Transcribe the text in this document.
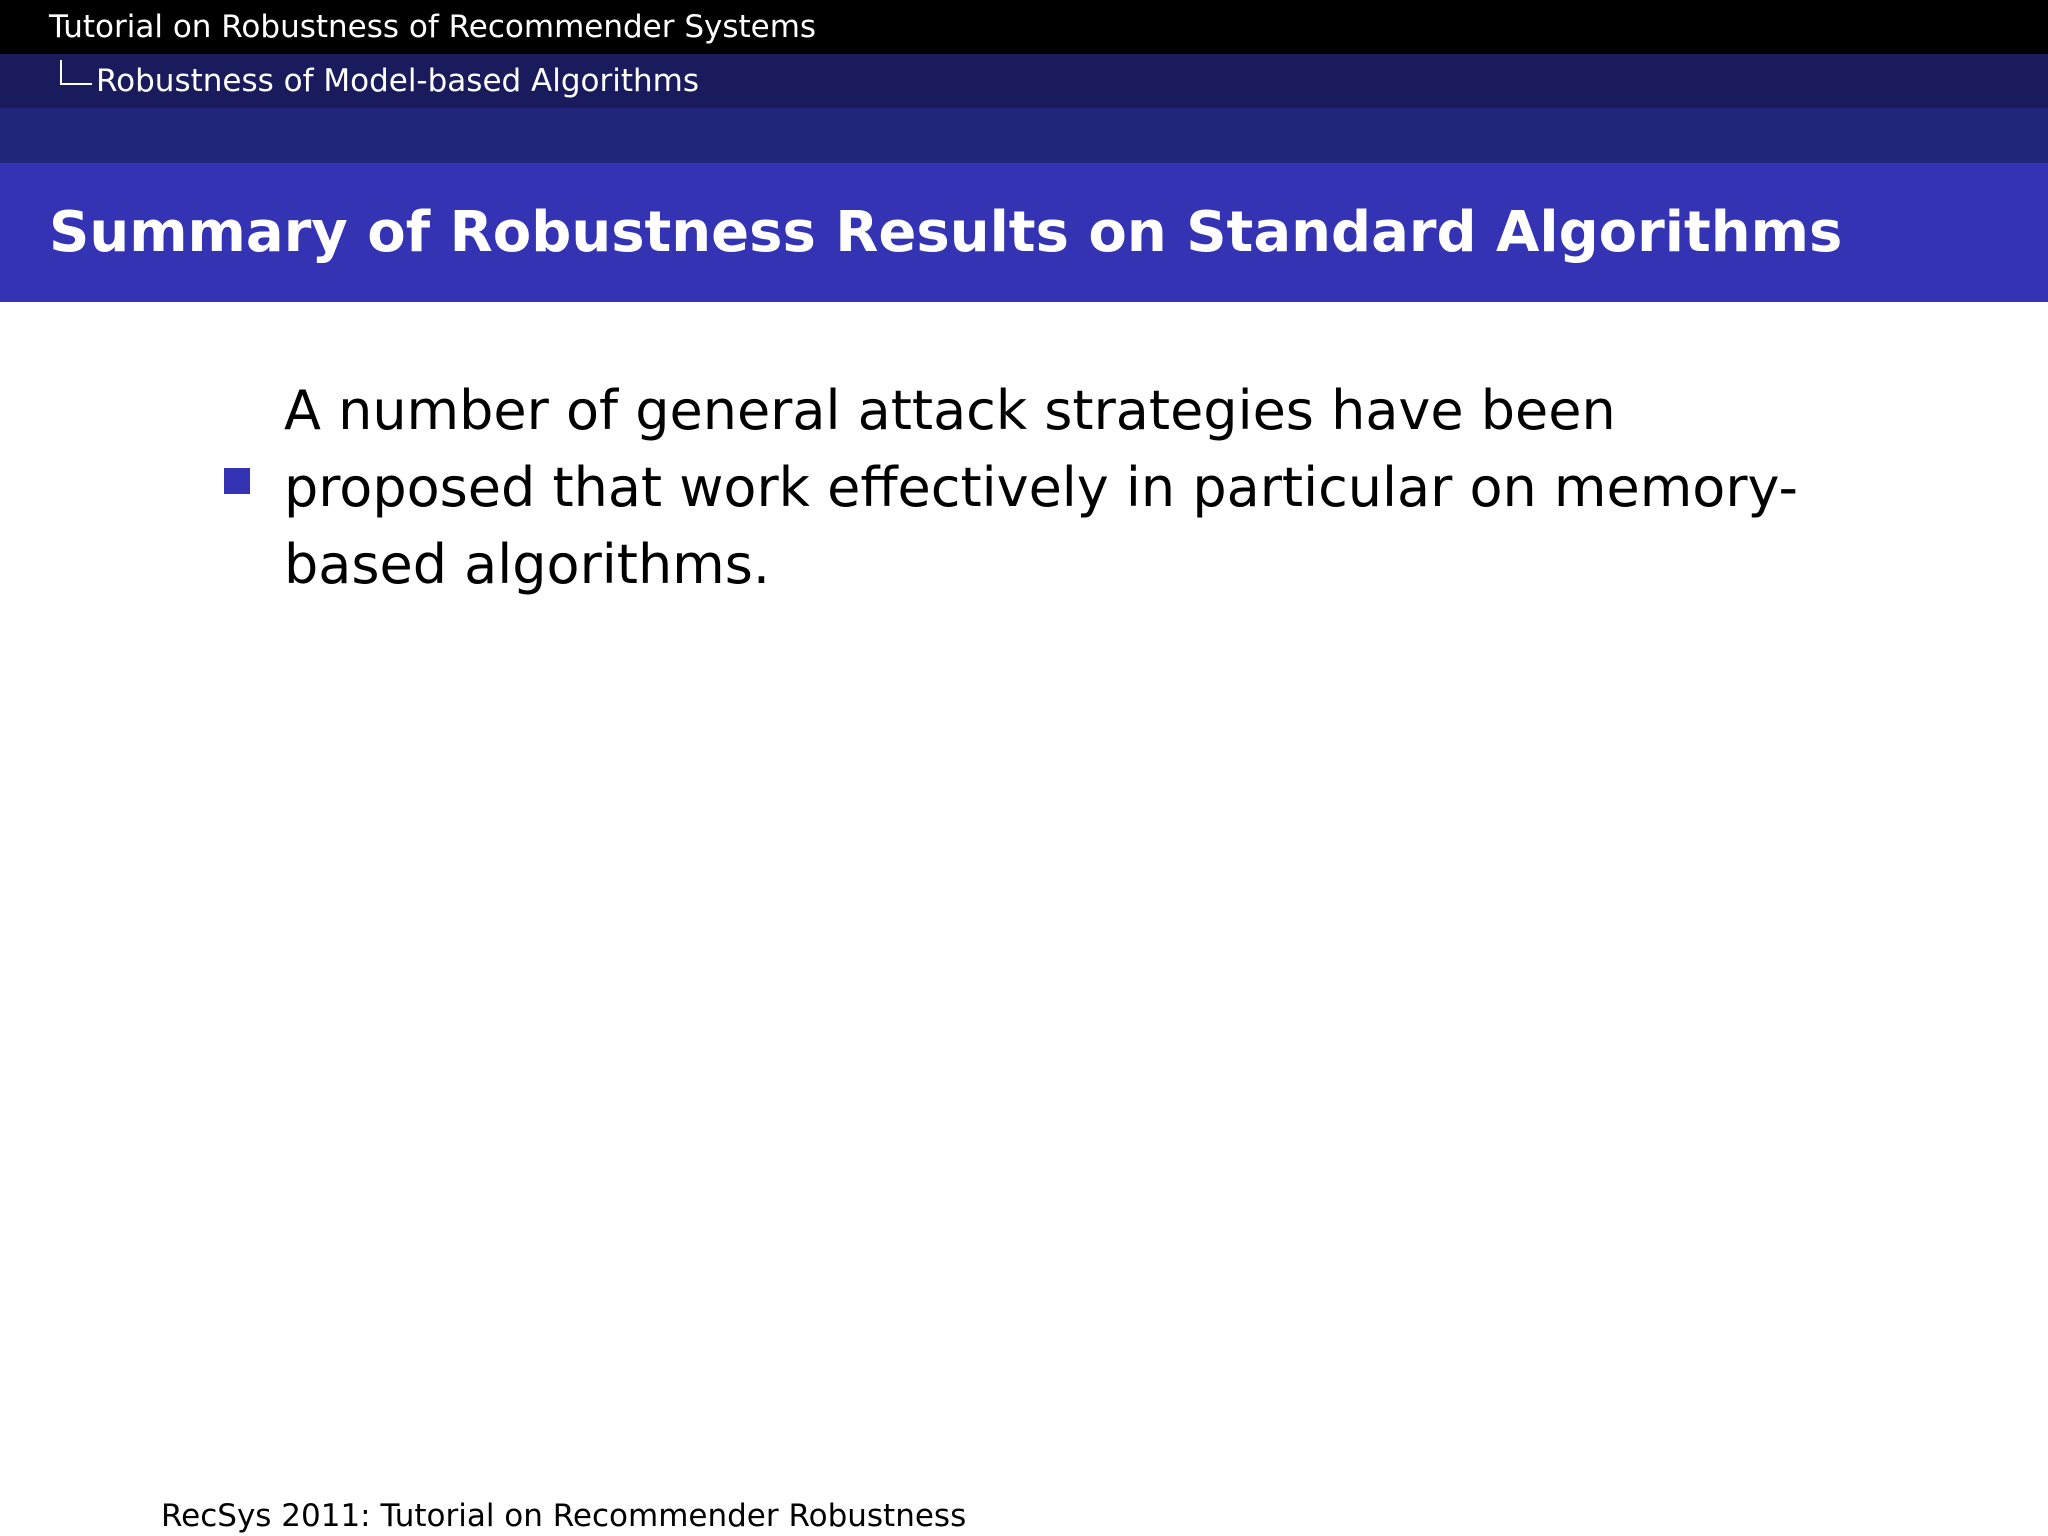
Tutorial on Robustness of Recommender Systems
Robustness of Model-based Algorithms
Summary of Robustness Results on Standard Algorithms
A number of general attack strategies have been proposed that work effectively in particular on memory-based algorithms.
RecSys 2011: Tutorial on Recommender Robustness
